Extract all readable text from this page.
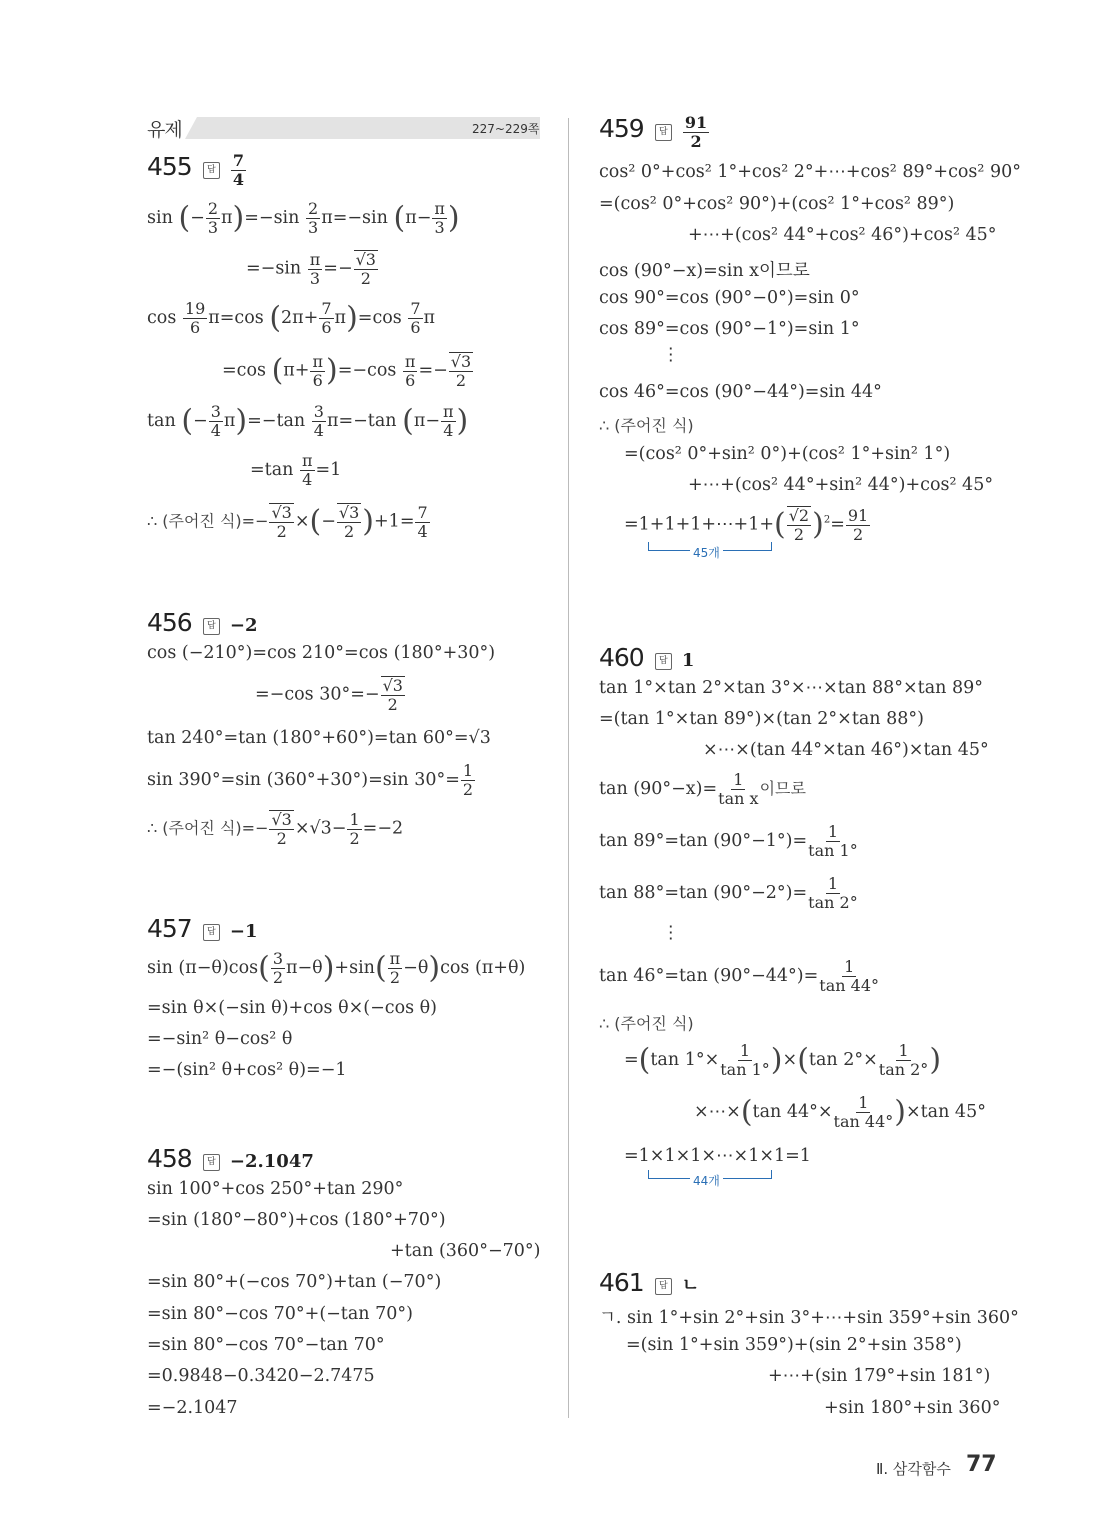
유제	227~229쪽
455 답 $\frac{7}{4}$
sin (− $\frac{2}{3} \pi)=-\sin \frac{2}{3} \pi=-\sin$ ($\pi- \frac{\pi}{3}$ )
$=-\sin \frac{\pi}{3} =- \frac{√3}{2}$
$\cos \frac{19}{6} \pi=\cos$ $(2\pi+ \frac{7}{6} \pi)=\cos \frac{7}{6}$ π
=cos $(\pi+ \frac{\pi}{6} )=-\cos \frac{\pi}{6} =- \frac{√3}{2}$
tan (− $\frac{3}{4} \pi)=-\tan \frac{3}{4} \pi=-\tan$ ($\pi- \frac{\pi}{4}$ )
$=\tan \frac{\pi}{4} =1$
∴ (주어진 식)=− $\frac{√3}{2}$ ×(− $\frac{√3}{2} )+1= \frac{7}{4}$
456 답 −2
cos (−210°)=cos 210°=cos (180°+30°)
=−cos $30^\circ=- \frac{√3}{2}$
tan 240°=tan (180°+60°)=tan 60°=√3
sin 390°=sin (360°+30°)=sin $30^\circ= \frac{1}{2}$
∴ (주어진 식)=− $\frac{√3}{2} \times√3- \frac{1}{2} =-2$
457 답 −1
$\sin (\pi-\theta)\cos( \frac{3}{2} \pi-\theta)+\sin( \frac{\pi}{2} -\theta)\cos$ (π+θ)
=sin θ×(−sin θ)+cos θ×(−cos θ)
=−sin² θ−cos² θ
=−(sin² θ+cos² θ)=−1
458 답 −2.1047
sin 100°+cos 250°+tan 290°
=sin (180°−80°)+cos (180°+70°)
+tan (360°−70°)
=sin 80°+(−cos 70°)+tan (−70°)
=sin 80°−cos 70°+(−tan 70°)
=sin 80°−cos 70°−tan 70°
=0.9848−0.3420−2.7475
=−2.1047
459 답 $\frac{91}{2}$
cos² 0°+cos² 1°+cos² 2°+⋯+cos² 89°+cos² 90°
=(cos² 0°+cos² 90°)+(cos² 1°+cos² 89°)
+⋯+(cos² 44°+cos² 46°)+cos² 45°
cos (90°−x)=sin x이므로
cos 90°=cos (90°−0°)=sin 0°
cos 89°=cos (90°−1°)=sin 1°
⋮
cos 46°=cos (90°−44°)=sin 44°
∴ (주어진 식)
=(cos² 0°+sin² 0°)+(cos² 1°+sin² 1°)
+⋯+(cos² 44°+sin² 44°)+cos² 45°
=1+1+1+⋯+1+( $\frac{√2}{2} )^2= \frac{91}{2}$
45개
460 답 1
tan 1°×tan 2°×tan 3°×⋯×tan 88°×tan 89°
=(tan 1°×tan 89°)×(tan 2°×tan 88°)
×⋯×(tan 44°×tan 46°)×tan 45°
$\tan (90^\circ-x)= \frac{1}{\text{tan x}}$ 이므로
tan 89°=tan $(90^\circ-1^\circ)= \frac{1}{\tan 1^\circ}$
tan 88°=tan $(90^\circ-2^\circ)= \frac{1}{\tan 2^\circ}$
⋮
tan 46°=tan $(90^\circ-44^\circ)= \frac{1}{\tan 44^\circ}$
∴ (주어진 식)
=(tan $1^\circ\times \frac{1}{\tan 1^\circ} )\times(\tan$ $2^\circ\times \frac{1}{\tan 2^\circ}$ )
×⋯×(tan $44^\circ\times \frac{1}{\tan 44^\circ} )\times\tan$ 45°
=1×1×1×⋯×1×1=1
44개
461 답 ㄴ
ㄱ. sin 1°+sin 2°+sin 3°+⋯+sin 359°+sin 360°
=(sin 1°+sin 359°)+(sin 2°+sin 358°)
+⋯+(sin 179°+sin 181°)
+sin 180°+sin 360°
Ⅱ. 삼각함수 77
